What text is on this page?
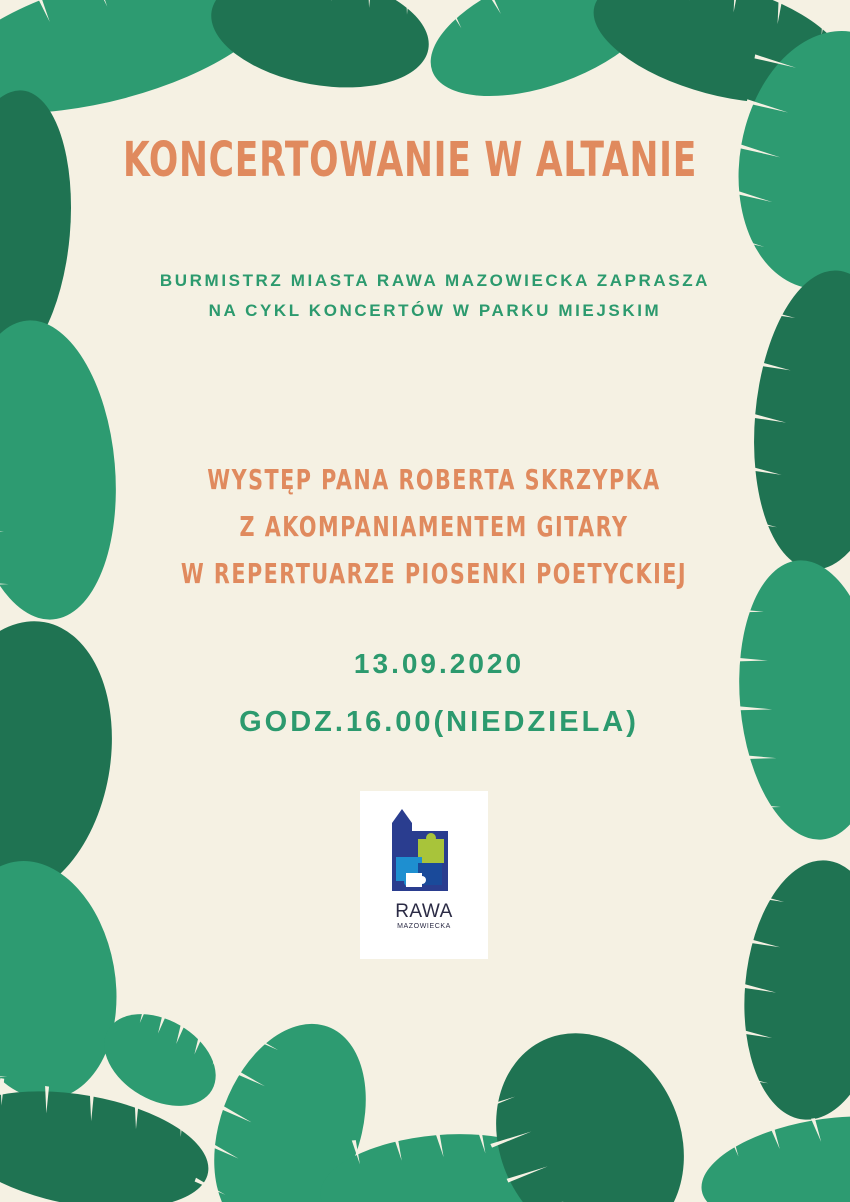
KONCERTOWANIE W ALTANIE
BURMISTRZ MIASTA RAWA MAZOWIECKA ZAPRASZA
NA CYKL KONCERTÓW W PARKU MIEJSKIM
WYSTĘP PANA ROBERTA SKRZYPKA
Z AKOMPANIAMENTEM GITARY
W REPERTUARZE PIOSENKI POETYCKIEJ
13.09.2020
GODZ.16.00(NIEDZIELA)
RAWA
MAZOWIECKA
